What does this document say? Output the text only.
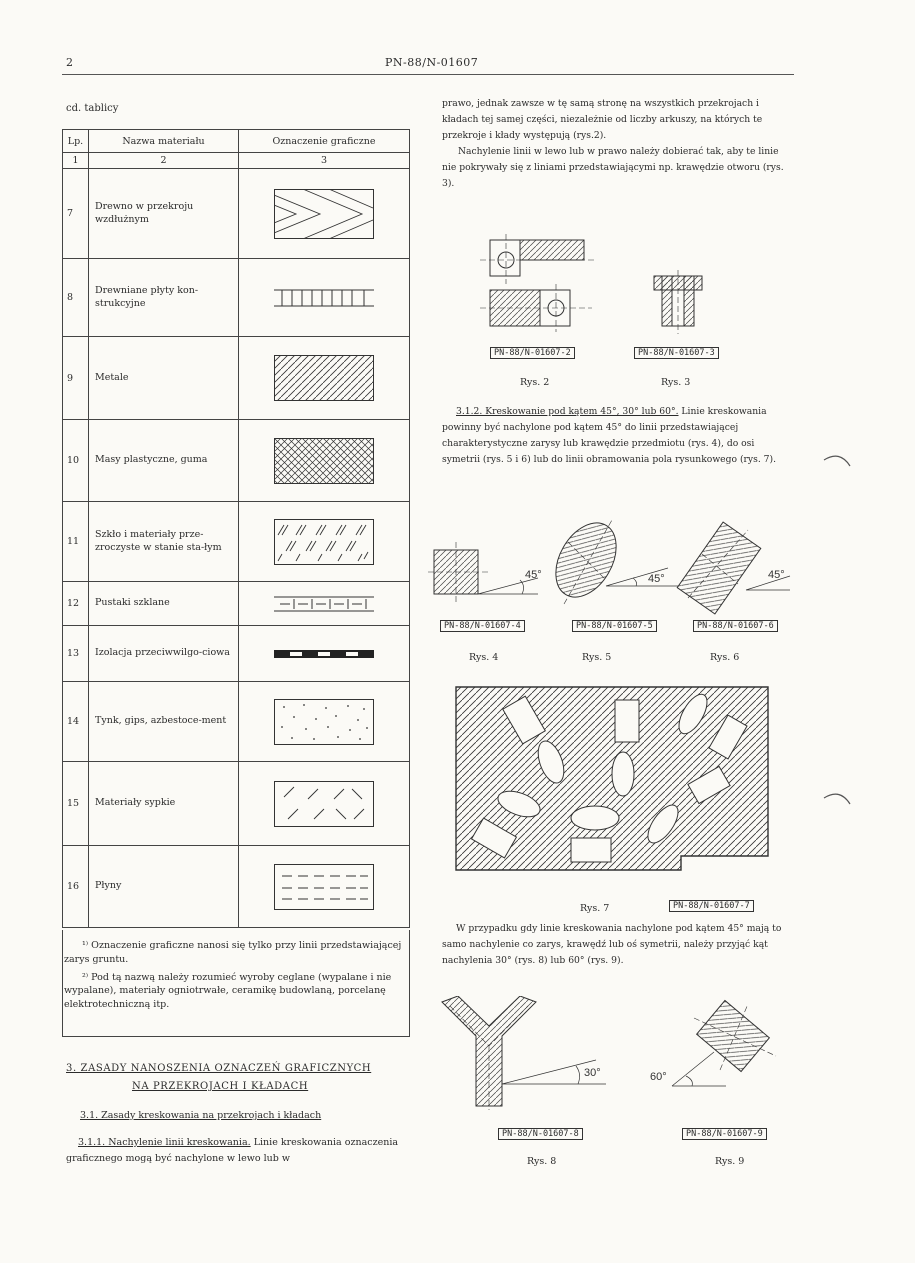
2	PN-88/N-01607
cd. tablicy
Lp.	Nazwa materiału	Oznaczenie graficzne
1	2	3
7	Drewno w przekroju wzdłużnym	
8	Drewniane płyty kon-strukcyjne	
9	Metale	
10	Masy plastyczne, guma	
11	Szkło i materiały prze-zroczyste w stanie sta-łym	
12	Pustaki szklane	
13	Izolacja przeciwwilgo-ciowa	
14	Tynk, gips, azbestoce-ment	
15	Materiały sypkie	
16	Płyny	

¹⁾ Oznaczenie graficzne nanosi się tylko przy linii przedstawiającej zarys gruntu.

²⁾ Pod tą nazwą należy rozumieć wyroby ceglane (wypalane i nie wypalane), materiały ogniotrwałe, ceramikę budowlaną, porcelanę elektrotechniczną itp.

3. ZASADY NANOSZENIA OZNACZEŃ GRAFICZNYCH
NA PRZEKROJACH I KŁADACH
3.1. Zasady kreskowania na przekrojach i kładach
3.1.1. Nachylenie linii kreskowania. Linie kreskowania oznaczenia graficznego mogą być nachylone w lewo lub w

prawo, jednak zawsze w tę samą stronę na wszystkich przekrojach i kładach tej samej części, niezależnie od liczby arkuszy, na których te przekroje i kłady występują (rys.2).

Nachylenie linii w lewo lub w prawo należy dobierać tak, aby te linie nie pokrywały się z liniami przedstawiającymi np. krawędzie otworu (rys. 3).

PN-88/N-01607-2	PN-88/N-01607-3
Rys. 2	Rys. 3

3.1.2. Kreskowanie pod kątem 45°, 30° lub 60°. Linie kreskowania powinny być nachylone pod kątem 45° do linii przedstawiającej charakterystyczne zarysy lub krawędzie przedmiotu (rys. 4), do osi symetrii (rys. 5 i 6) lub do linii obramowania pola rysunkowego (rys. 7).

45°	45°	45°
PN-88/N-01607-4	PN-88/N-01607-5	PN-88/N-01607-6
Rys. 4	Rys. 5	Rys. 6
Rys. 7	PN-88/N-01607-7

W przypadku gdy linie kreskowania nachylone pod kątem 45° mają to samo nachylenie co zarys, krawędź lub oś symetrii, należy przyjąć kąt nachylenia 30° (rys. 8) lub 60° (rys. 9).

30°	60°
PN-88/N-01607-8	PN-88/N-01607-9
Rys. 8	Rys. 9
